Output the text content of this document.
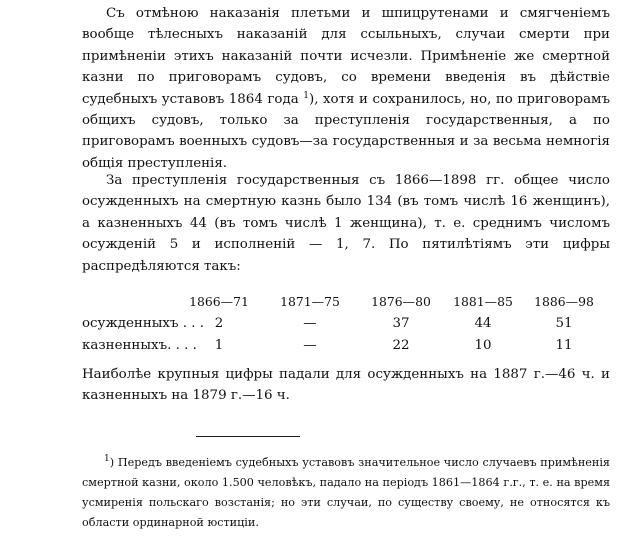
Съ отмѣною наказанія плетьми и шпицрутенами и смягченіемъ вообще тѣлесныхъ наказаній для ссыльныхъ, случаи смерти при примѣненіи этихъ наказаній почти исчезли. Примѣненіе же смертной казни по приговорамъ судовъ, со времени введенія въ дѣйствіе судебныхъ уставовъ 1864 года $^1$), хотя и сохранилось, но, по приговорамъ общихъ судовъ, только за преступленія государственныя, а по приговорамъ военныхъ судовъ—за государственныя и за весьма немногія общія преступленія.

За преступленія государственныя съ 1866—1898 гг. общее число осужденныхъ на смертную казнь было 134 (въ томъ числѣ 16 женщинъ), а казненныхъ 44 (въ томъ числѣ 1 женщина), т. е. среднимъ числомъ осужденій 5 и исполненій — 1, 7. По пятилѣтіямъ эти цифры распредѣляются такъ:

1866—71	1871—75	1876—80	1881—85	1886—98
осужденныхъ . . . 2	—	37	44	51
казненныхъ. . . .	1	—	22	10	11

Наиболѣе крупныя цифры падали для осужденныхъ на 1887 г.—46 ч. и казненныхъ на 1879 г.—16 ч.

$^1$) Передъ введеніемъ судебныхъ уставовъ значительное число случаевъ примѣненія смертной казни, около 1.500 человѣкъ, падало на періодъ 1861—1864 г.г., т. е. на время усмиренія польскаго возстанія; но эти случаи, по существу своему, не относятся къ области ординарной юстиціи.
